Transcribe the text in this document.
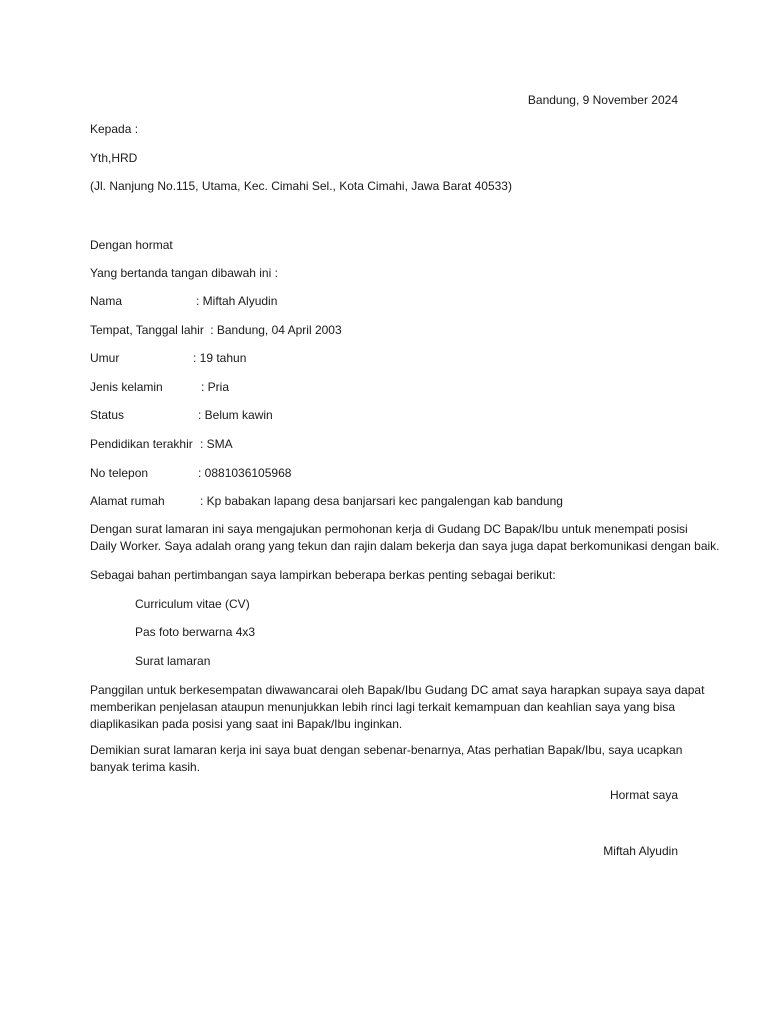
Bandung, 9 November 2024
Kepada :
Yth,HRD
(Jl. Nanjung No.115, Utama, Kec. Cimahi Sel., Kota Cimahi, Jawa Barat 40533)
Dengan hormat
Yang bertanda tangan dibawah ini :
Nama	: Miftah Alyudin
Tempat, Tanggal lahir : Bandung, 04 April 2003
Umur	: 19 tahun
Jenis kelamin	: Pria
Status	: Belum kawin
Pendidikan terakhir : SMA
No telepon	: 0881036105968
Alamat rumah	: Kp babakan lapang desa banjarsari kec pangalengan kab bandung
Dengan surat lamaran ini saya mengajukan permohonan kerja di Gudang DC Bapak/Ibu untuk menempati posisi
Daily Worker. Saya adalah orang yang tekun dan rajin dalam bekerja dan saya juga dapat berkomunikasi dengan baik.
Sebagai bahan pertimbangan saya lampirkan beberapa berkas penting sebagai berikut:
Curriculum vitae (CV)
Pas foto berwarna 4x3
Surat lamaran
Panggilan untuk berkesempatan diwawancarai oleh Bapak/Ibu Gudang DC amat saya harapkan supaya saya dapat
memberikan penjelasan ataupun menunjukkan lebih rinci lagi terkait kemampuan dan keahlian saya yang bisa
diaplikasikan pada posisi yang saat ini Bapak/Ibu inginkan.
Demikian surat lamaran kerja ini saya buat dengan sebenar-benarnya, Atas perhatian Bapak/Ibu, saya ucapkan
banyak terima kasih.
Hormat saya
Miftah Alyudin
